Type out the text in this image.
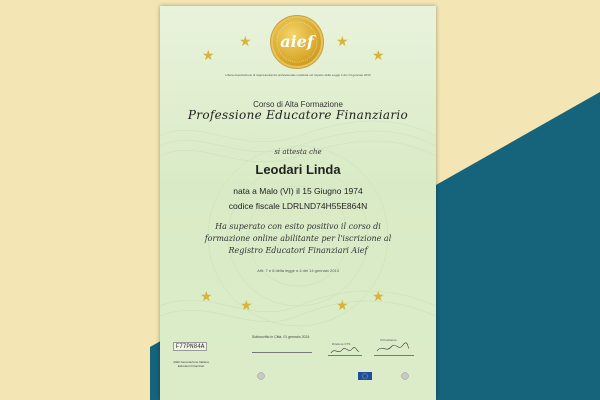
aief
★
★	★
★
Libera Associazione di rappresentanza professionale costituita nel rispetto della Legge 4 del 14 gennaio 2013
Corso di Alta Formazione
Professione Educatore Finanziario
si attesta che
Leodari Linda
nata a Malo (VI) il 15 Giugno 1974
codice fiscale LDRLND74H55E864N
Ha superato con esito positivo il corso di
formazione online abilitante per l'iscrizione al
Registro Educatori Finanziari Aief
Artt. 7 e 8 della legge n.4 del 14 gennaio 2013
★
★	★
★
F77PN84A
AIEF Associazione Italiana Educatori Finanziari
Sottoscritto in Città, 01 gennaio 2024
Direttore CTS
Il Presidente
